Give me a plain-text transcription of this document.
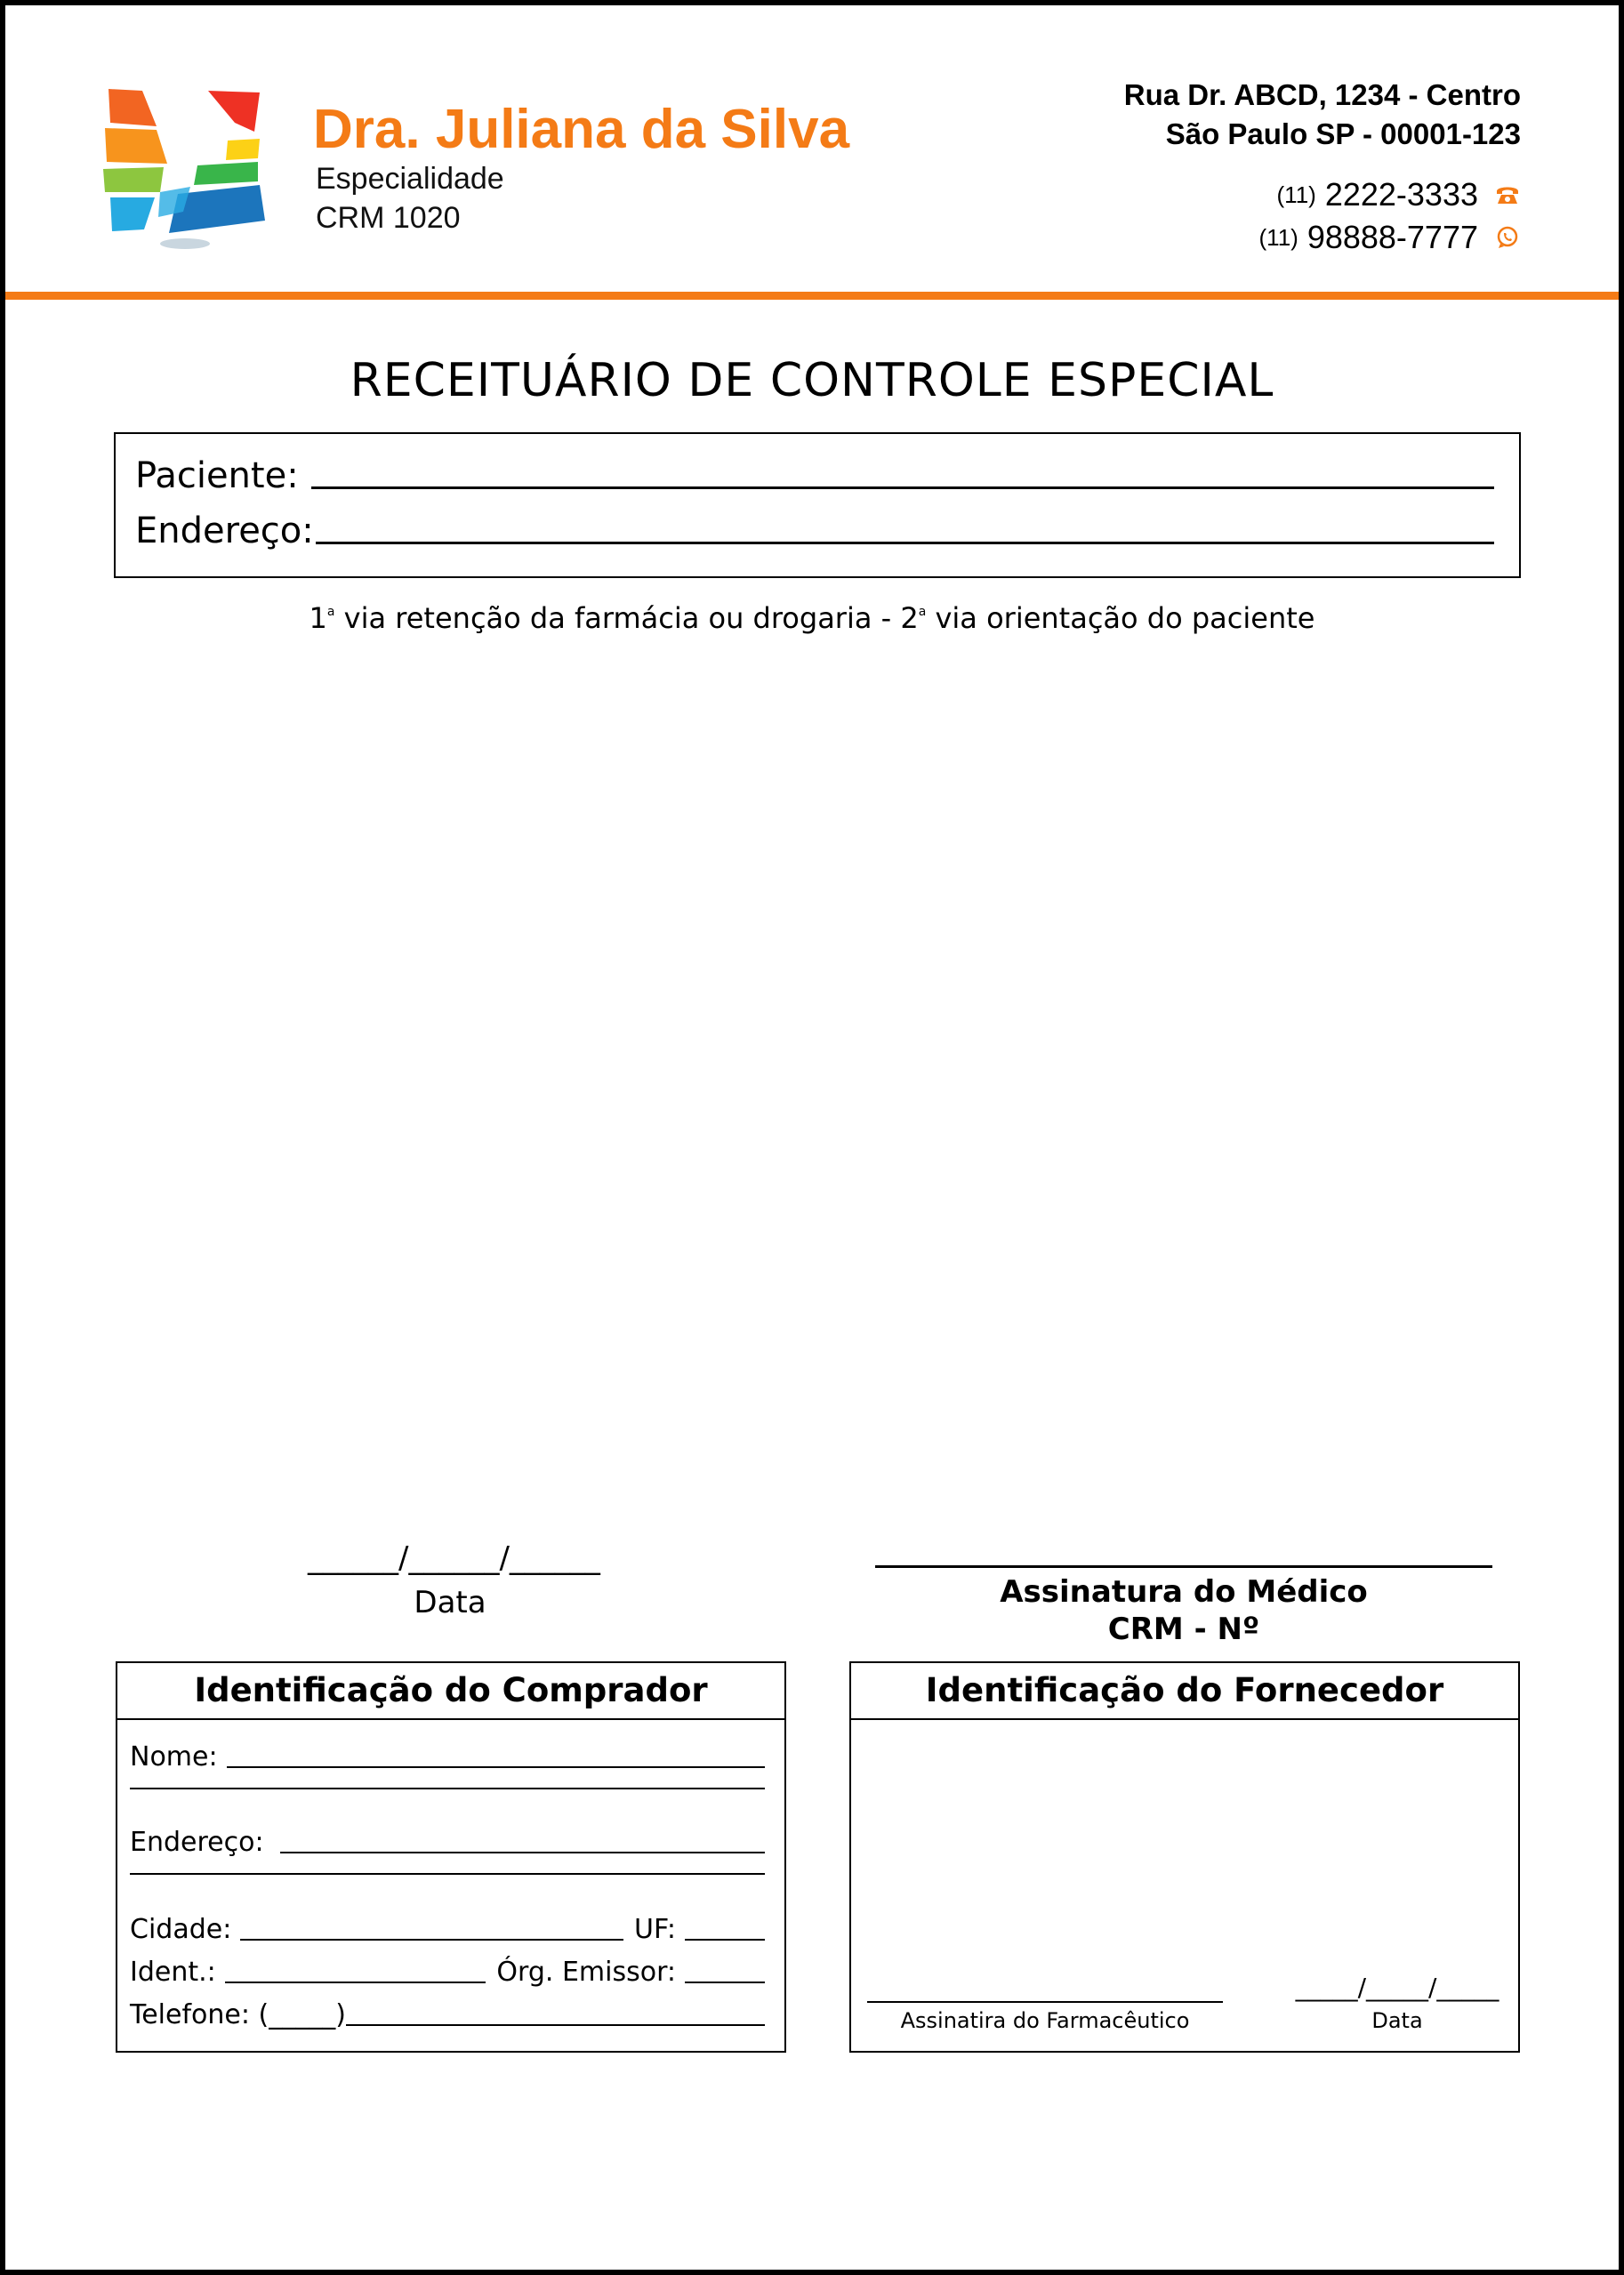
Dra. Juliana da Silva
Especialidade
CRM 1020
Rua Dr. ABCD, 1234 - Centro
São Paulo SP - 00001-123
(11) 2222-3333
(11) 98888-7777
RECEITUÁRIO DE CONTROLE ESPECIAL
Paciente:
Endereço:
1$^a$ via retenção da farmácia ou drogaria - 2$^a$ via orientação do paciente
______/______/______
Data	Assinatura do Médico
CRM - Nº
Identificação do Comprador
Nome:
Endereço:
Cidade:	UF:
Ident.:	Órg. Emissor:
Telefone: (_____)
Identificação do Fornecedor
Assinatira do Farmacêutico
_____/_____/_____
Data
